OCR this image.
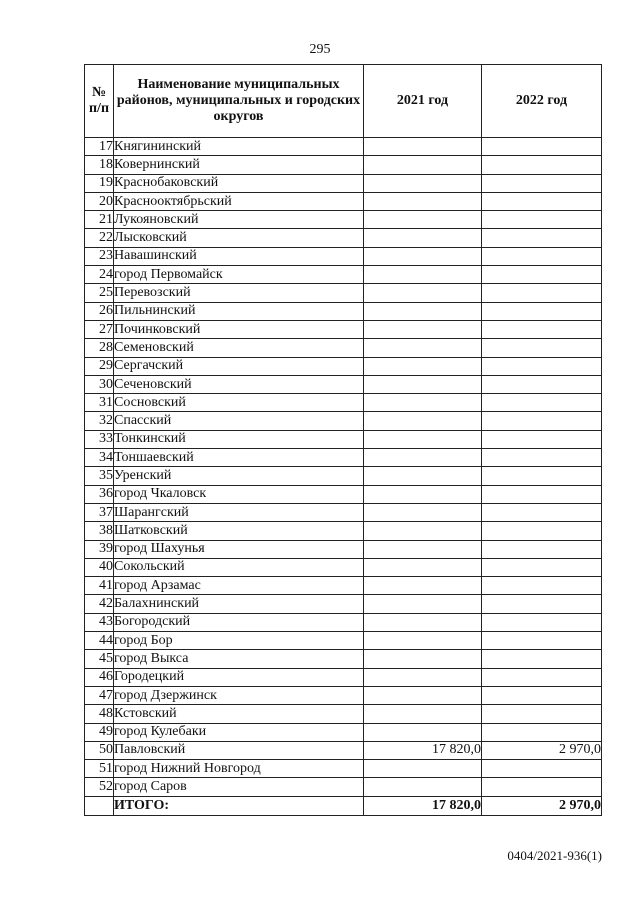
295
№ п/п	Наименование муниципальных районов, муниципальных и городских округов	2021 год	2022 год
17	Княгининский		
18	Ковернинский		
19	Краснобаковский		
20	Краснооктябрьский		
21	Лукояновский		
22	Лысковский		
23	Навашинский		
24	город Первомайск		
25	Перевозский		
26	Пильнинский		
27	Починковский		
28	Семеновский		
29	Сергачский		
30	Сеченовский		
31	Сосновский		
32	Спасский		
33	Тонкинский		
34	Тоншаевский		
35	Уренский		
36	город Чкаловск		
37	Шарангский		
38	Шатковский		
39	город Шахунья		
40	Сокольский		
41	город Арзамас		
42	Балахнинский		
43	Богородский		
44	город Бор		
45	город Выкса		
46	Городецкий		
47	город Дзержинск		
48	Кстовский		
49	город Кулебаки		
50	Павловский	17 820,0	2 970,0
51	город Нижний Новгород		
52	город Саров		
	ИТОГО:	17 820,0	2 970,0
0404/2021-936(1)
